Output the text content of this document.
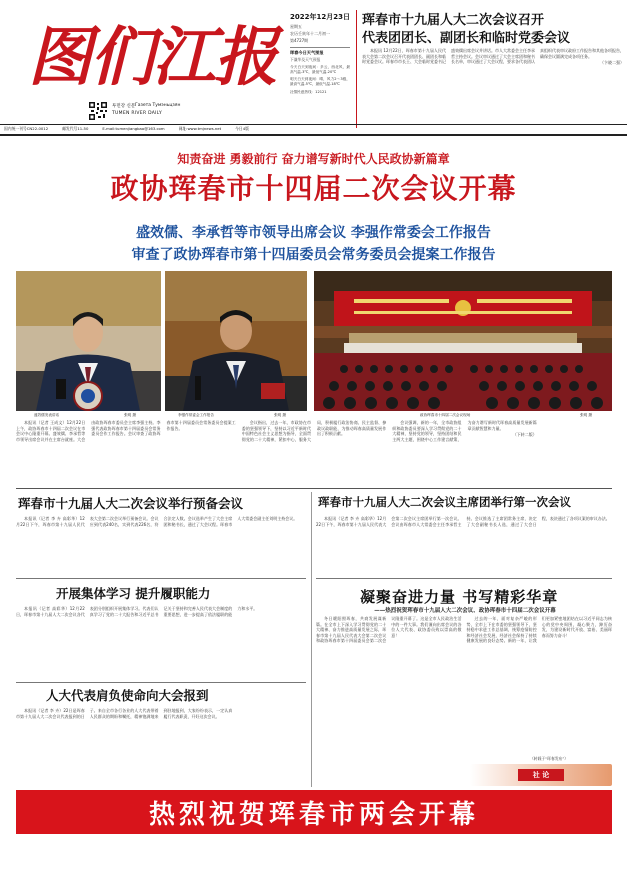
图们江报
투먼강 신문 Газета Тумэньцзян
TUMEN RIVER DAILY
2022年12月23日
星期五
农历壬寅年十二月初一
第4727期
珲春今日天气预报
下谦华及天气预报
今天白天到夜间：多云，西北风，最高气温-3℃，最低气温-20℃
明天白天到夜间：晴，风力2～3级，最高气温-5℃，最低气温-18℃
社情民意热线：12121
珲春市十九届人大二次会议召开
代表团团长、副团长和临时党委会议

本报讯 12月22日，珲春市第十九届人民代表大会第二次会议召开代表团团长、副团长和临时党委会议。珲春市市长王、大会临时党委书记盛效儒出席会议并讲话。市人大常委会主任李承哲主持会议。会议审议通过了大会主席团和秘书长名单，审议通过了大会议程，要求各代表团认真组织代表审议政府工作报告和其他各项报告，确保会议圆满完成各项任务。

（卞晓二强）

国内统一刊号CN22-0012	邮发代号11-50	E-mail:tumenjiangbao@163.com	网址:www.tmjnews.net	今日4版
知责奋进 勇毅前行 奋力谱写新时代人民政协新篇章
政协珲春市十四届二次会议开幕
盛效儒、李承哲等市领导出席会议 李强作常委会工作报告
审查了政协珲春市第十四届委员会常务委员会提案工作报告
盛效儒发表讲话	张明 摄	李强作常委会工作报告	张明 摄	政协珲春市十四届二次会议现场	张明 摄

本报讯（记者 王成文）12月22日上午，政协珲春市十四届二次会议在市会议中心隆重开幕。盛效儒、李承哲等市领导出席会议并在主席台就座。大会由政协珲春市委员会主席李强主持。李强代表政协珲春市第十四届委员会常务委员会作工作报告。会议审查了政协珲春市第十四届委员会常务委员会提案工作报告。

会议指出，过去一年，市政协在市委的坚强领导下，坚持以习近平新时代中国特色社会主义思想为指导，全面贯彻党的二十大精神，紧扣中心，服务大局，积极履行政治协商、民主监督、参政议政职能，为推动珲春高质量发展作出了积极贡献。

会议强调，新的一年，全市政协组织和政协委员要深入学习贯彻党的二十大精神，坚持党的领导，坚持团结和民主两大主题，围绕中心工作建言献策，为奋力谱写新时代珲春高质量发展新篇章贡献智慧和力量。

（下转二版）

珲春市十九届人大二次会议举行预备会议

本报讯（记者 李 卉 高彩华）12月22日下午，珲春市第十九届人民代表大会第二次会议举行预备会议。会议应到代表240名，实到代表226名，符合法定人数。会议选举产生了大会主席团和秘书长，通过了大会议程。珲春市人大常委会副主任刘明主持会议。

珲春市十九届人大二次会议主席团举行第一次会议

本报讯（记者 李 卉 高彩华）12月22日下午，珲春市第十九届人民代表大会第二次会议主席团举行第一次会议。会议由珲春市人大常委会主任李承哲主持。会议推选了主席团常务主席，决定了大会副秘书长人选，通过了大会日程，表决通过了各项议案的审议办法。

开展集体学习 提升履职能力

本报讯（记者 高彩华）12月22日，珲春市第十九届人大二次会议各代表团分别组织开展集体学习。代表们认真学习了党的二十大报告和习近平总书记关于坚持和完善人民代表大会制度的重要思想，进一步提高了依法履职的能力和水平。

人大代表肩负使命向大会报到

本报讯（记者 李 卉）22日是珲春市第十九届人大二次会议代表报到的日子。来自全市各行各业的人大代表带着人民群众的期盼和嘱托，精神饱满地来到驻地报到，大家纷纷表示，一定认真履行代表职责，开好这次会议。

凝聚奋进力量 书写精彩华章
——热烈祝贺珲春市十九届人大二次会议、政协珲春市十四届二次会议开幕

冬日暖阳照珲春，共商发展谋新篇。在全市上下深入学习贯彻党的二十大精神、奋力推进高质量发展之际，珲春市第十九届人民代表大会第二次会议和政协珲春市第十四届委员会第二次会议隆重开幕了。这是全市人民政治生活中的一件大事。我们谨向出席会议的各位人大代表、政协委员致以崇高的敬意！

过去的一年，面对复杂严峻的形势，全市上下在市委的坚强领导下，坚持稳中求进工作总基调，统筹疫情防控和经济社会发展，经济社会保持了持续健康发展的良好态势。新的一年，让我们更加紧密地团结在以习近平同志为核心的党中央周围，凝心聚力，踔厉奋发，为建设新时代开放、富裕、美丽珲春而努力奋斗！

（转载于“珲春发布”）
社 论
热烈祝贺珲春市两会开幕
